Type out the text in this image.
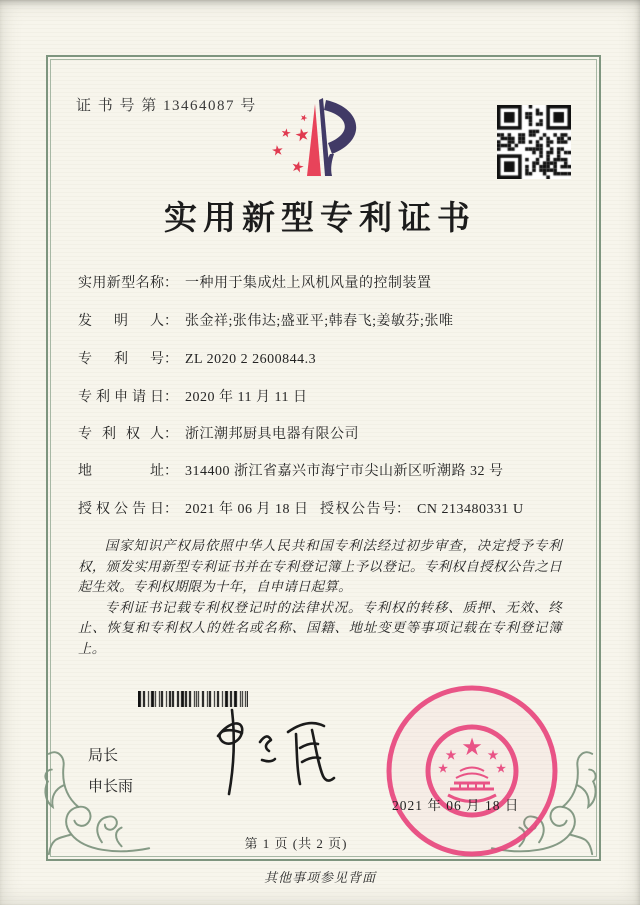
证 书 号 第 13464087 号
★
★
★
★
★
实用新型专利证书
实用新型名称： 一种用于集成灶上风机风量的控制装置
发明人： 张金祥;张伟达;盛亚平;韩春飞;姜敏芬;张唯
专利号： ZL 2020 2 2600844.3
专利申请日： 2020 年 11 月 11 日
专利权人： 浙江潮邦厨具电器有限公司
地址： 314400 浙江省嘉兴市海宁市尖山新区听潮路 32 号
授权公告日： 2021 年 06 月 18 日 授权公告号： CN 213480331 U

国家知识产权局依照中华人民共和国专利法经过初步审查，决定授予专利权，颁发实用新型专利证书并在专利登记簿上予以登记。专利权自授权公告之日起生效。专利权期限为十年，自申请日起算。

专利证书记载专利权登记时的法律状况。专利权的转移、质押、无效、终止、恢复和专利权人的姓名或名称、国籍、地址变更等事项记载在专利登记簿上。

局长
申长雨
★
★	★
★	★
2021 年 06 月 18 日
第 1 页 (共 2 页)
其他事项参见背面
